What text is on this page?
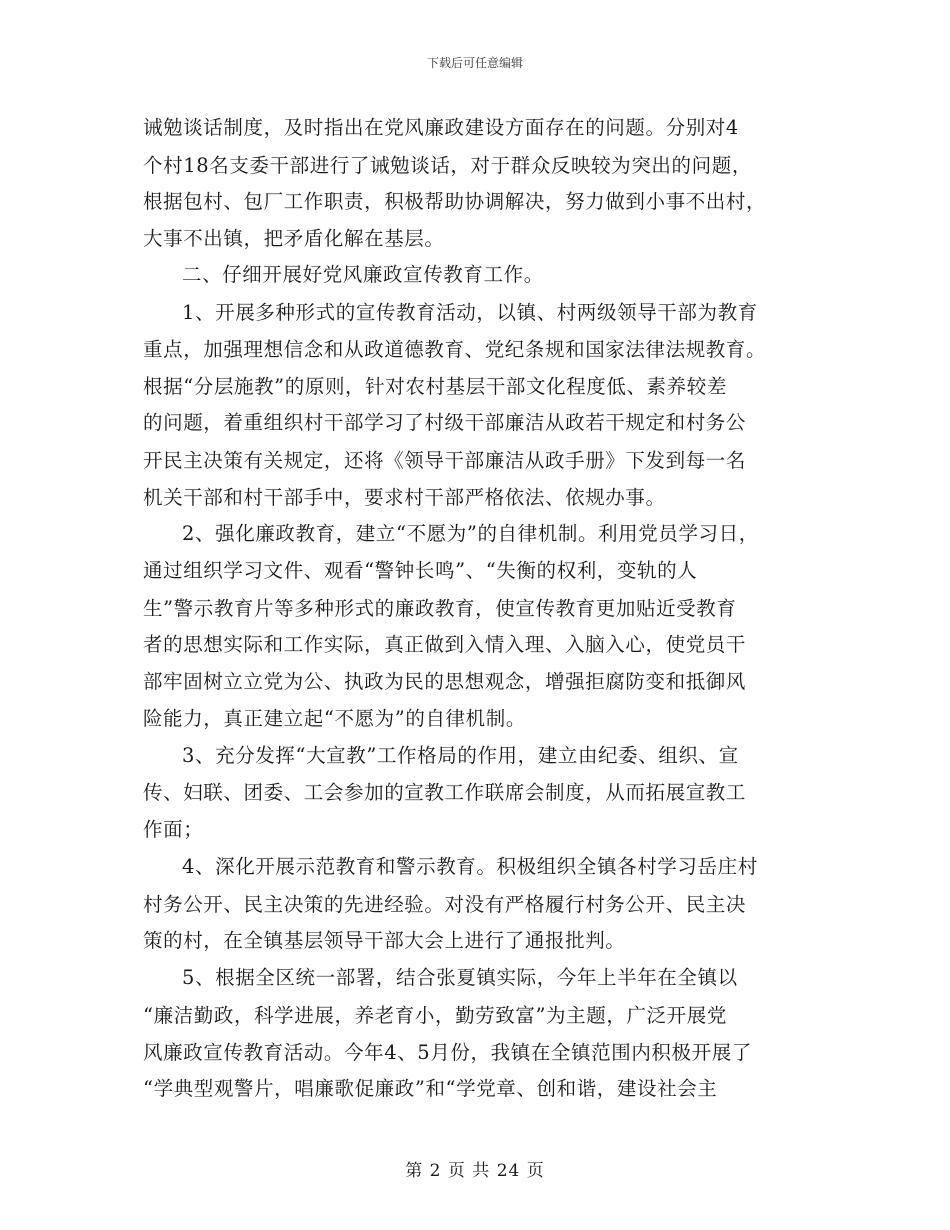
下载后可任意编辑
诫勉谈话制度，及时指出在党风廉政建设方面存在的问题。分别对4
个村18名支委干部进行了诫勉谈话，对于群众反映较为突出的问题，
根据包村、包厂工作职责，积极帮助协调解决，努力做到小事不出村，
大事不出镇，把矛盾化解在基层。
二、仔细开展好党风廉政宣传教育工作。
1、开展多种形式的宣传教育活动，以镇、村两级领导干部为教育
重点，加强理想信念和从政道德教育、党纪条规和国家法律法规教育。
根据“分层施教”的原则，针对农村基层干部文化程度低、素养较差
的问题，着重组织村干部学习了村级干部廉洁从政若干规定和村务公
开民主决策有关规定，还将《领导干部廉洁从政手册》下发到每一名
机关干部和村干部手中，要求村干部严格依法、依规办事。
2、强化廉政教育，建立“不愿为”的自律机制。利用党员学习日，
通过组织学习文件、观看“警钟长鸣”、“失衡的权利，变轨的人
生”警示教育片等多种形式的廉政教育，使宣传教育更加贴近受教育
者的思想实际和工作实际，真正做到入情入理、入脑入心，使党员干
部牢固树立立党为公、执政为民的思想观念，增强拒腐防变和抵御风
险能力，真正建立起“不愿为”的自律机制。
3、充分发挥“大宣教”工作格局的作用，建立由纪委、组织、宣
传、妇联、团委、工会参加的宣教工作联席会制度，从而拓展宣教工
作面；
4、深化开展示范教育和警示教育。积极组织全镇各村学习岳庄村
村务公开、民主决策的先进经验。对没有严格履行村务公开、民主决
策的村，在全镇基层领导干部大会上进行了通报批判。
5、根据全区统一部署，结合张夏镇实际，今年上半年在全镇以
“廉洁勤政，科学进展，养老育小，勤劳致富”为主题，广泛开展党
风廉政宣传教育活动。今年4、5月份，我镇在全镇范围内积极开展了
“学典型观警片，唱廉歌促廉政”和“学党章、创和谐，建设社会主
第 2 页 共 24 页
